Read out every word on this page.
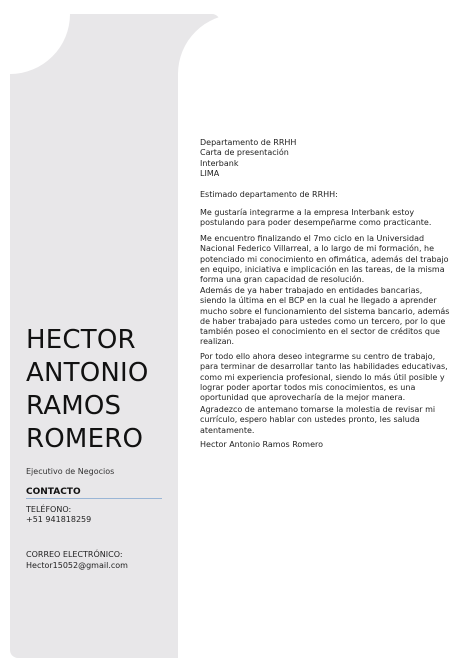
HECTOR
ANTONIO
RAMOS
ROMERO
Ejecutivo de Negocios
CONTACTO
TELÉFONO:
+51 941818259
CORREO ELECTRÓNICO:
Hector15052@gmail.com

Departamento de RRHH

Carta de presentación

Interbank

LIMA

Estimado departamento de RRHH:
Me gustaría integrarme a la empresa Interbank estoy postulando para poder desempeñarme como practicante.
Me encuentro finalizando el 7mo ciclo en la Universidad Nacional Federico Villarreal, a lo largo de mi formación, he potenciado mi conocimiento en ofimática, además del trabajo en equipo, iniciativa e implicación en las tareas, de la misma forma una gran capacidad de resolución.
Además de ya haber trabajado en entidades bancarias, siendo la última en el BCP en la cual he llegado a aprender mucho sobre el funcionamiento del sistema bancario, además de haber trabajado para ustedes como un tercero, por lo que también poseo el conocimiento en el sector de créditos que realizan.
Por todo ello ahora deseo integrarme su centro de trabajo, para terminar de desarrollar tanto las habilidades educativas, como mi experiencia profesional, siendo lo más útil posible y lograr poder aportar todos mis conocimientos, es una oportunidad que aprovecharía de la mejor manera.
Agradezco de antemano tomarse la molestia de revisar mi currículo, espero hablar con ustedes pronto, les saluda atentamente.
Hector Antonio Ramos Romero
